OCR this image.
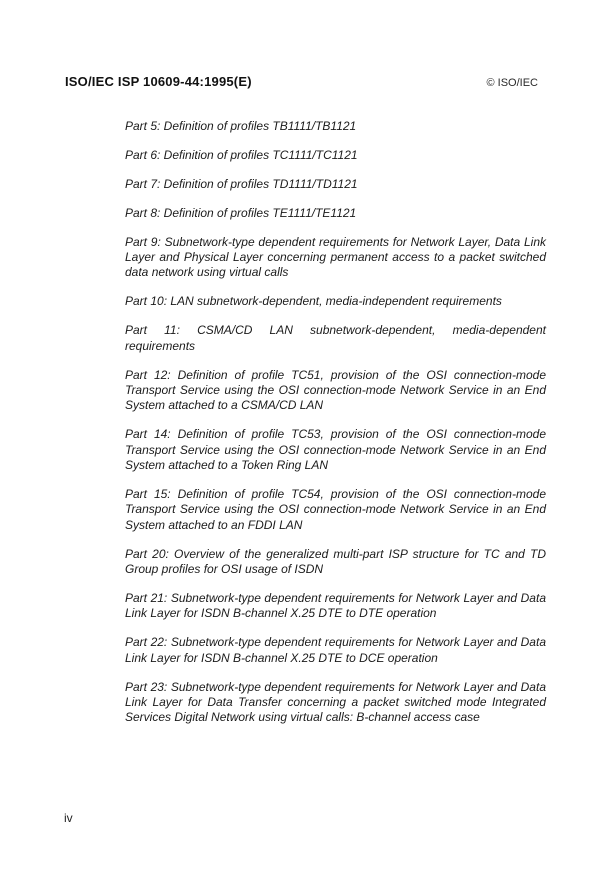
ISO/IEC ISP 10609-44:1995(E)	© ISO/IEC

Part 5: Definition of profiles TB1111/TB1121

Part 6: Definition of profiles TC1111/TC1121

Part 7: Definition of profiles TD1111/TD1121

Part 8: Definition of profiles TE1111/TE1121

Part 9: Subnetwork-type dependent requirements for Network Layer, Data Link Layer and Physical Layer concerning permanent access to a packet switched data network using virtual calls

Part 10: LAN subnetwork-dependent, media-independent requirements

Part 11: CSMA/CD LAN subnetwork-dependent, media-dependent requirements

Part 12: Definition of profile TC51, provision of the OSI connection-mode Transport Service using the OSI connection-mode Network Service in an End System attached to a CSMA/CD LAN

Part 14: Definition of profile TC53, provision of the OSI connection-mode Transport Service using the OSI connection-mode Network Service in an End System attached to a Token Ring LAN

Part 15: Definition of profile TC54, provision of the OSI connection-mode Transport Service using the OSI connection-mode Network Service in an End System attached to an FDDI LAN

Part 20: Overview of the generalized multi-part ISP structure for TC and TD Group profiles for OSI usage of ISDN

Part 21: Subnetwork-type dependent requirements for Network Layer and Data Link Layer for ISDN B-channel X.25 DTE to DTE operation

Part 22: Subnetwork-type dependent requirements for Network Layer and Data Link Layer for ISDN B-channel X.25 DTE to DCE operation

Part 23: Subnetwork-type dependent requirements for Network Layer and Data Link Layer for Data Transfer concerning a packet switched mode Integrated Services Digital Network using virtual calls: B-channel access case

iv
